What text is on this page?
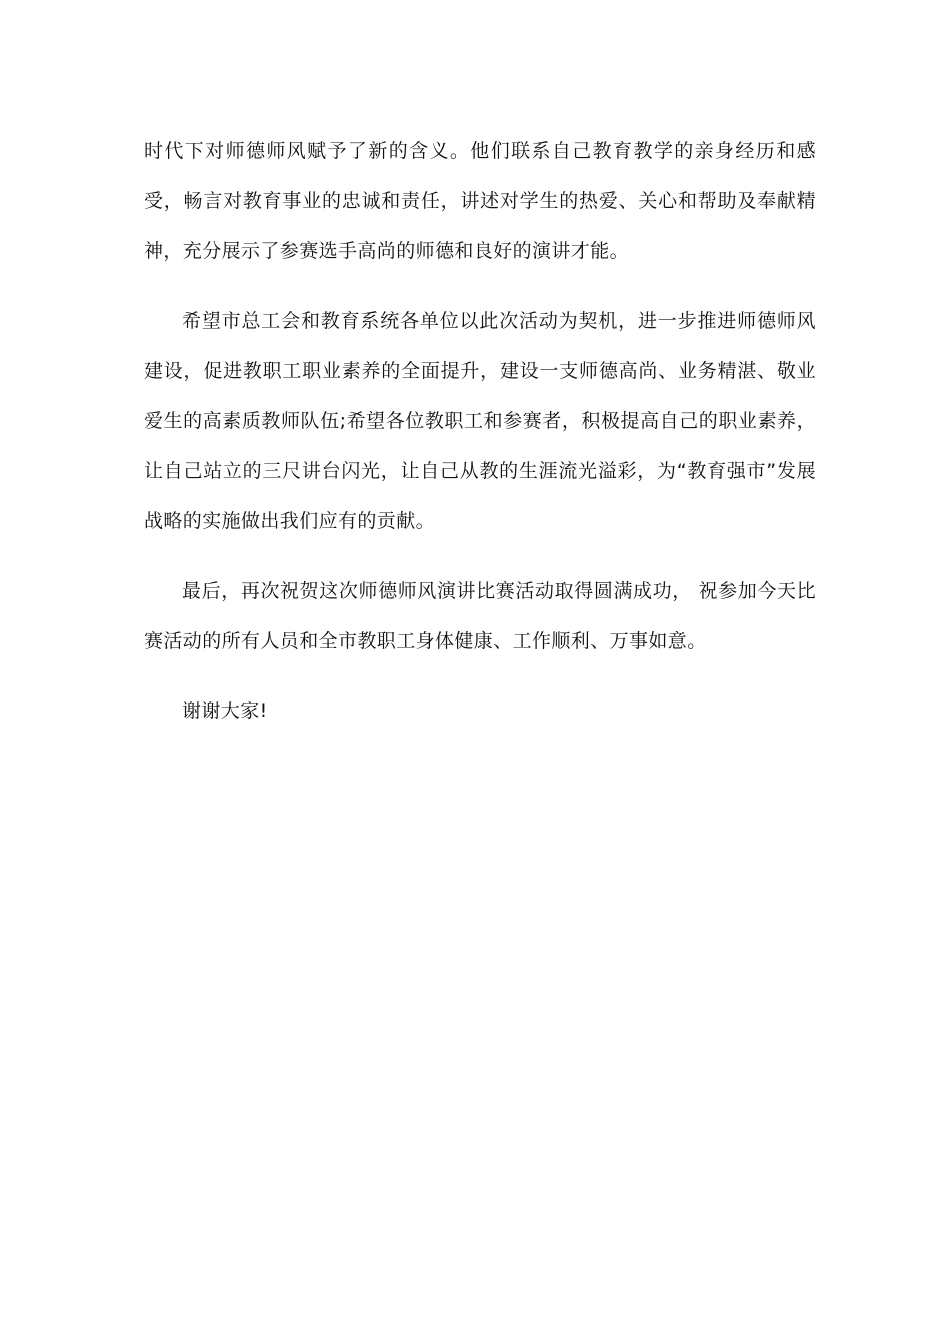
时代下对师德师风赋予了新的含义。他们联系自己教育教学的亲身经历和感受，畅言对教育事业的忠诚和责任，讲述对学生的热爱、关心和帮助及奉献精神，充分展示了参赛选手高尚的师德和良好的演讲才能。

希望市总工会和教育系统各单位以此次活动为契机，进一步推进师德师风建设，促进教职工职业素养的全面提升，建设一支师德高尚、业务精湛、敬业爱生的高素质教师队伍;希望各位教职工和参赛者，积极提高自己的职业素养，让自己站立的三尺讲台闪光，让自己从教的生涯流光溢彩，为“教育强市”发展战略的实施做出我们应有的贡献。

最后，再次祝贺这次师德师风演讲比赛活动取得圆满成功， 祝参加今天比赛活动的所有人员和全市教职工身体健康、工作顺利、万事如意。

谢谢大家!
